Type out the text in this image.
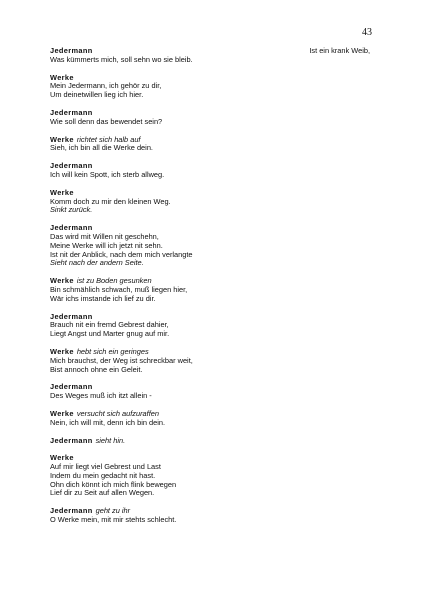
43
Jedermann	Ist ein krank Weib,
Was kümmerts mich, soll sehn wo sie bleib.
Werke
Mein Jedermann, ich gehör zu dir,
Um deinetwillen lieg ich hier.
Jedermann
Wie soll denn das bewendet sein?
Werke richtet sich halb auf
Sieh, ich bin all die Werke dein.
Jedermann
Ich will kein Spott, ich sterb allweg.
Werke
Komm doch zu mir den kleinen Weg.
Sinkt zurück.
Jedermann
Das wird mit Willen nit geschehn,
Meine Werke will ich jetzt nit sehn.
Ist nit der Anblick, nach dem mich verlangte
Sieht nach der andern Seite.
Werke ist zu Boden gesunken
Bin schmählich schwach, muß liegen hier,
Wär ichs imstande ich lief zu dir.
Jedermann
Brauch nit ein fremd Gebrest dahier,
Liegt Angst und Marter gnug auf mir.
Werke hebt sich ein geringes
Mich brauchst, der Weg ist schreckbar weit,
Bist annoch ohne ein Geleit.
Jedermann
Des Weges muß ich itzt allein -
Werke versucht sich aufzuraffen
Nein, ich will mit, denn ich bin dein.
Jedermann sieht hin.
Werke
Auf mir liegt viel Gebrest und Last
Indem du mein gedacht nit hast.
Ohn dich könnt ich mich flink bewegen
Lief dir zu Seit auf allen Wegen.
Jedermann geht zu ihr
O Werke mein, mit mir stehts schlecht.
